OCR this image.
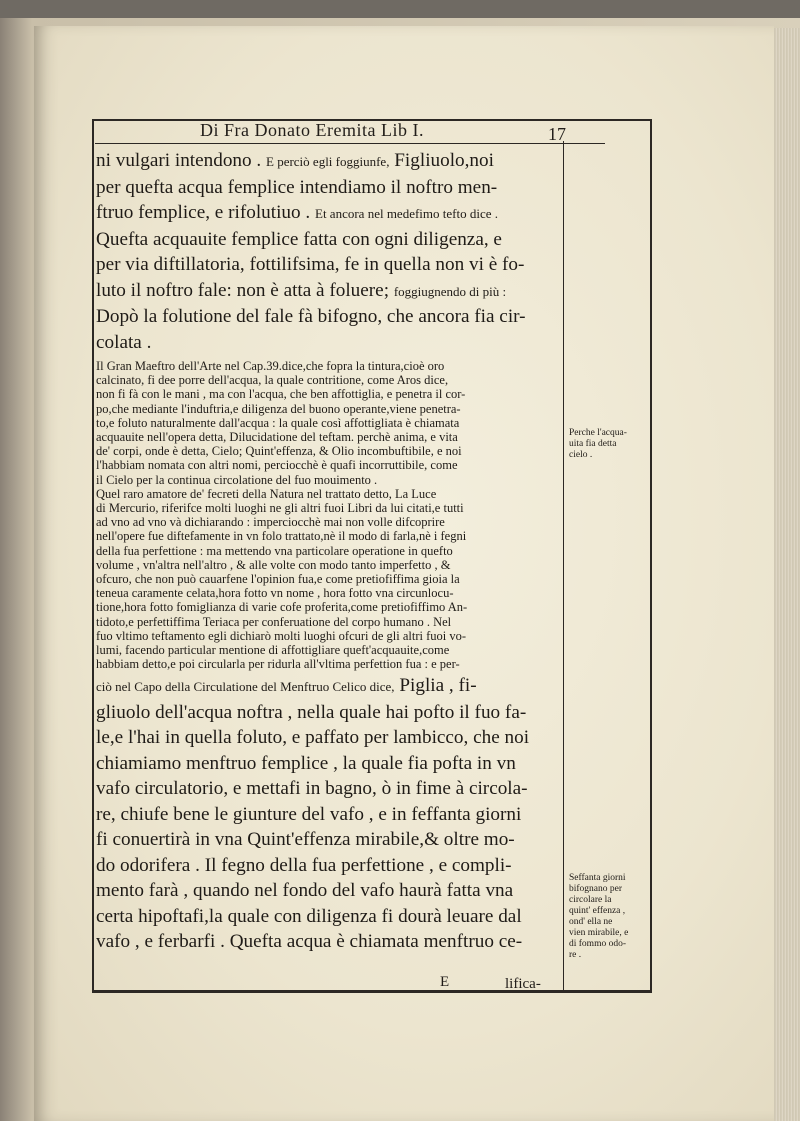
Di Fra Donato Eremita Lib I.	17
ni vulgari intendono . E perciò egli foggiunfe, Figliuolo,noi
per quefta acqua femplice intendiamo il noftro men-
ftruo femplice, e rifolutiuo . Et ancora nel medefimo tefto dice .
Quefta acquauite femplice fatta con ogni diligenza, e
per via diftillatoria, fottilifsima, fe in quella non vi è fo-
luto il noftro fale: non è atta à foluere; foggiugnendo di più :
Dopò la folutione del fale fà bifogno, che ancora fia cir-
colata .
Il Gran Maeftro dell'Arte nel Cap.39.dice,che fopra la tintura,cioè oro
calcinato, fi dee porre dell'acqua, la quale contritione, come Aros dice,
non fi fà con le mani , ma con l'acqua, che ben affottiglia, e penetra il cor-
po,che mediante l'induftria,e diligenza del buono operante,viene penetra-
to,e foluto naturalmente dall'acqua : la quale così affottigliata è chiamata
acquauite nell'opera detta, Dilucidatione del teftam. perchè anima, e vita
de' corpi, onde è detta, Cielo; Quint'effenza, & Olio incombuftibile, e noi
l'habbiam nomata con altri nomi, perciocchè è quafi incorruttibile, come
il Cielo per la continua circolatione del fuo mouimento .
Quel raro amatore de' fecreti della Natura nel trattato detto, La Luce
di Mercurio, riferifce molti luoghi ne gli altri fuoi Libri da lui citati,e tutti
ad vno ad vno và dichiarando : imperciocchè mai non volle difcoprire
nell'opere fue diftefamente in vn folo trattato,nè il modo di farla,nè i fegni
della fua perfettione : ma mettendo vna particolare operatione in quefto
volume , vn'altra nell'altro , & alle volte con modo tanto imperfetto , &
ofcuro, che non può cauarfene l'opinion fua,e come pretiofiffima gioia la
teneua caramente celata,hora fotto vn nome , hora fotto vna circunlocu-
tione,hora fotto fomiglianza di varie cofe proferita,come pretiofiffimo An-
tidoto,e perfettiffima Teriaca per conferuatione del corpo humano . Nel
fuo vltimo teftamento egli dichiarò molti luoghi ofcuri de gli altri fuoi vo-
lumi, facendo particular mentione di affottigliare queft'acquauite,come
habbiam detto,e poi circularla per ridurla all'vltima perfettion fua : e per-
ciò nel Capo della Circulatione del Menftruo Celico dice, Piglia , fi-
gliuolo dell'acqua noftra , nella quale hai pofto il fuo fa-
le,e l'hai in quella foluto, e paffato per lambicco, che noi
chiamiamo menftruo femplice , la quale fia pofta in vn
vafo circulatorio, e mettafi in bagno, ò in fime à circola-
re, chiufe bene le giunture del vafo , e in feffanta giorni
fi conuertirà in vna Quint'effenza mirabile,& oltre mo-
do odorifera . Il fegno della fua perfettione , e compli-
mento farà , quando nel fondo del vafo haurà fatta vna
certa hipoftafi,la quale con diligenza fi dourà leuare dal
vafo , e ferbarfi . Quefta acqua è chiamata menftruo ce-
Perche l'acqua-
uita fia detta
cielo .
Seffanta giorni
bifognano per
circolare la
quint' effenza ,
ond' ella ne
vien mirabile, e
di fommo odo-
re .
E	lifica-
